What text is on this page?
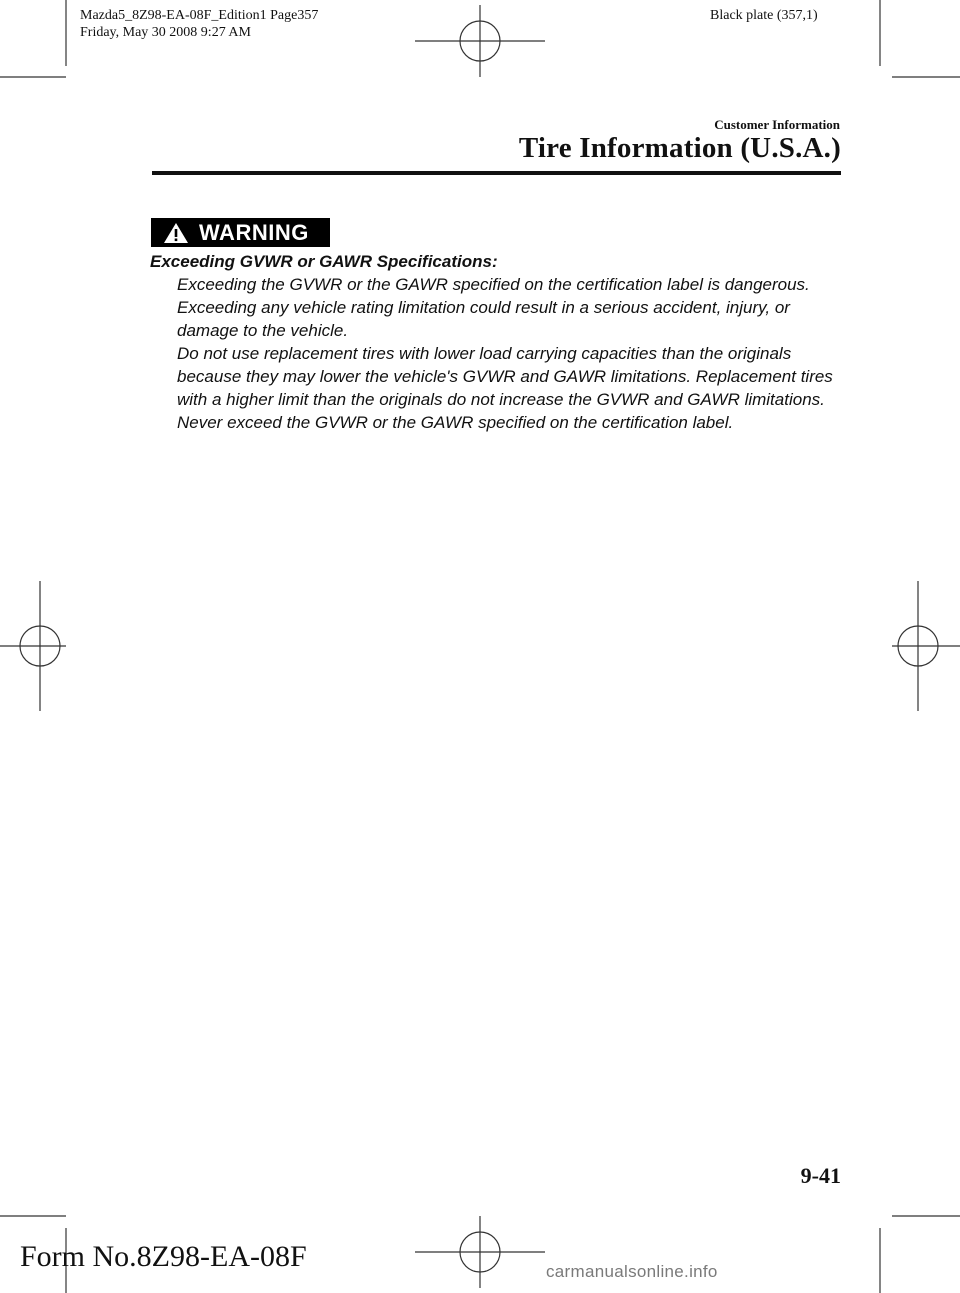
Mazda5_8Z98-EA-08F_Edition1 Page357
Friday, May 30 2008 9:27 AM
Black plate (357,1)
Customer Information
Tire Information (U.S.A.)
WARNING
Exceeding GVWR or GAWR Specifications:

Exceeding the GVWR or the GAWR specified on the certification label is dangerous. Exceeding any vehicle rating limitation could result in a serious accident, injury, or damage to the vehicle.

Do not use replacement tires with lower load carrying capacities than the originals because they may lower the vehicle's GVWR and GAWR limitations. Replacement tires with a higher limit than the originals do not increase the GVWR and GAWR limitations.

Never exceed the GVWR or the GAWR specified on the certification label.

9-41
Form No.8Z98-EA-08F	carmanualsonline.info
